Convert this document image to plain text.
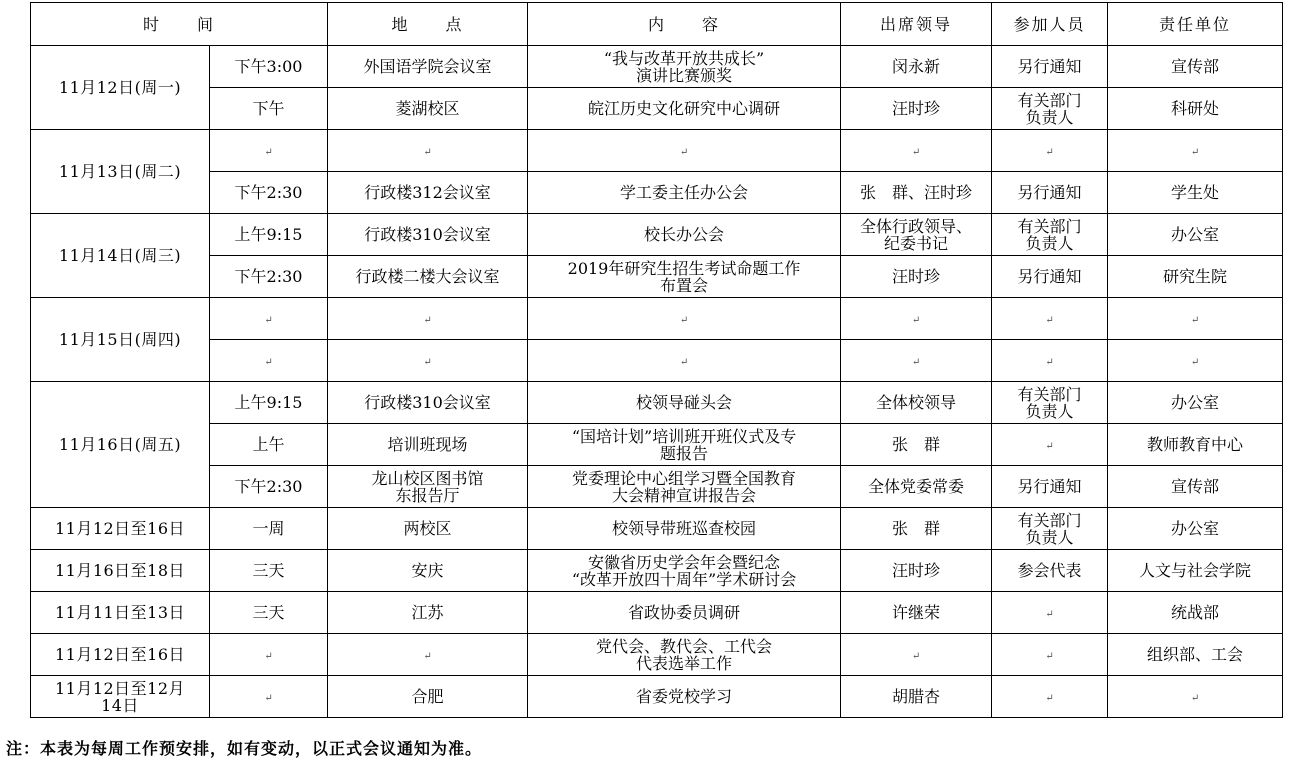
时　　间		地　　点	内　　容	出席领导	参加人员	责任单位

11月12日(周一)	下午3:00	外国语学院会议室	“我与改革开放共成长”
演讲比赛颁奖	闵永新	另行通知	宣传部

	下午	菱湖校区	皖江历史文化研究中心调研	汪时珍	有关部门
负责人	科研处

11月13日(周二)	↵	↵	↵	↵	↵	↵

	下午2:30	行政楼312会议室	学工委主任办公会	张　群、汪时珍	另行通知	学生处

11月14日(周三)	上午9:15	行政楼310会议室	校长办公会	全体行政领导、
纪委书记	有关部门
负责人	办公室

	下午2:30	行政楼二楼大会议室	2019年研究生招生考试命题工作
布置会	汪时珍	另行通知	研究生院

11月15日(周四)	↵	↵	↵	↵	↵	↵
	↵	↵	↵	↵	↵	↵

11月16日(周五)	上午9:15	行政楼310会议室	校领导碰头会	全体校领导	有关部门
负责人	办公室

	上午	培训班现场	“国培计划”培训班开班仪式及专
题报告	张　群	↵	教师教育中心

	下午2:30	龙山校区图书馆
东报告厅	党委理论中心组学习暨全国教育
大会精神宣讲报告会	全体党委常委	另行通知	宣传部

11月12日至16日	一周	两校区	校领导带班巡查校园	张　群	有关部门
负责人	办公室

11月16日至18日	三天	安庆	安徽省历史学会年会暨纪念
“改革开放四十周年”学术研讨会	汪时珍	参会代表	人文与社会学院

11月11日至13日	三天	江苏	省政协委员调研	许继荣	↵	统战部

11月12日至16日	↵	↵	党代会、教代会、工代会
代表选举工作	↵	↵	组织部、工会

11月12日至12月
14日	↵	合肥	省委党校学习	胡腊杏	↵	↵
注：本表为每周工作预安排，如有变动，以正式会议通知为准。
